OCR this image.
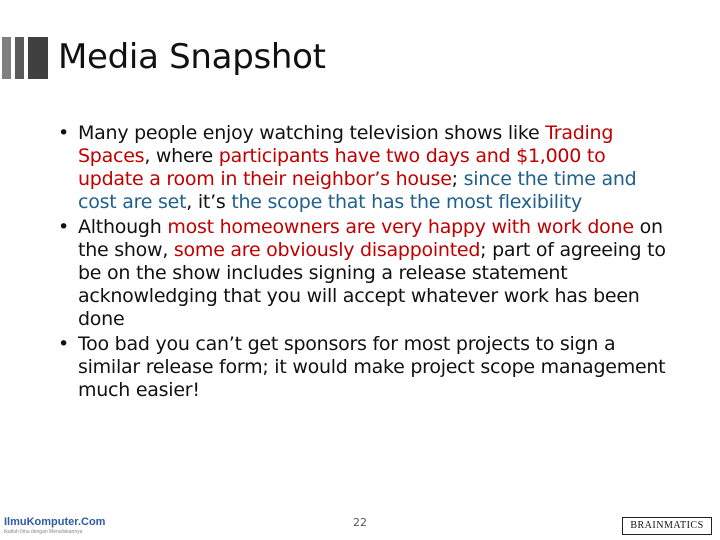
Media Snapshot
• Many people enjoy watching television shows like Trading Spaces, where participants have two days and $1,000 to update a room in their neighbor’s house; since the time and cost are set, it’s the scope that has the most flexibility
• Although most homeowners are very happy with work done on the show, some are obviously disappointed; part of agreeing to be on the show includes signing a release statement acknowledging that you will accept whatever work has been done
• Too bad you can’t get sponsors for most projects to sign a similar release form; it would make project scope management much easier!
IlmuKomputer.Com
Ikatlah Ilmu dengan Menuliskannya
22	BRAINMATICS
